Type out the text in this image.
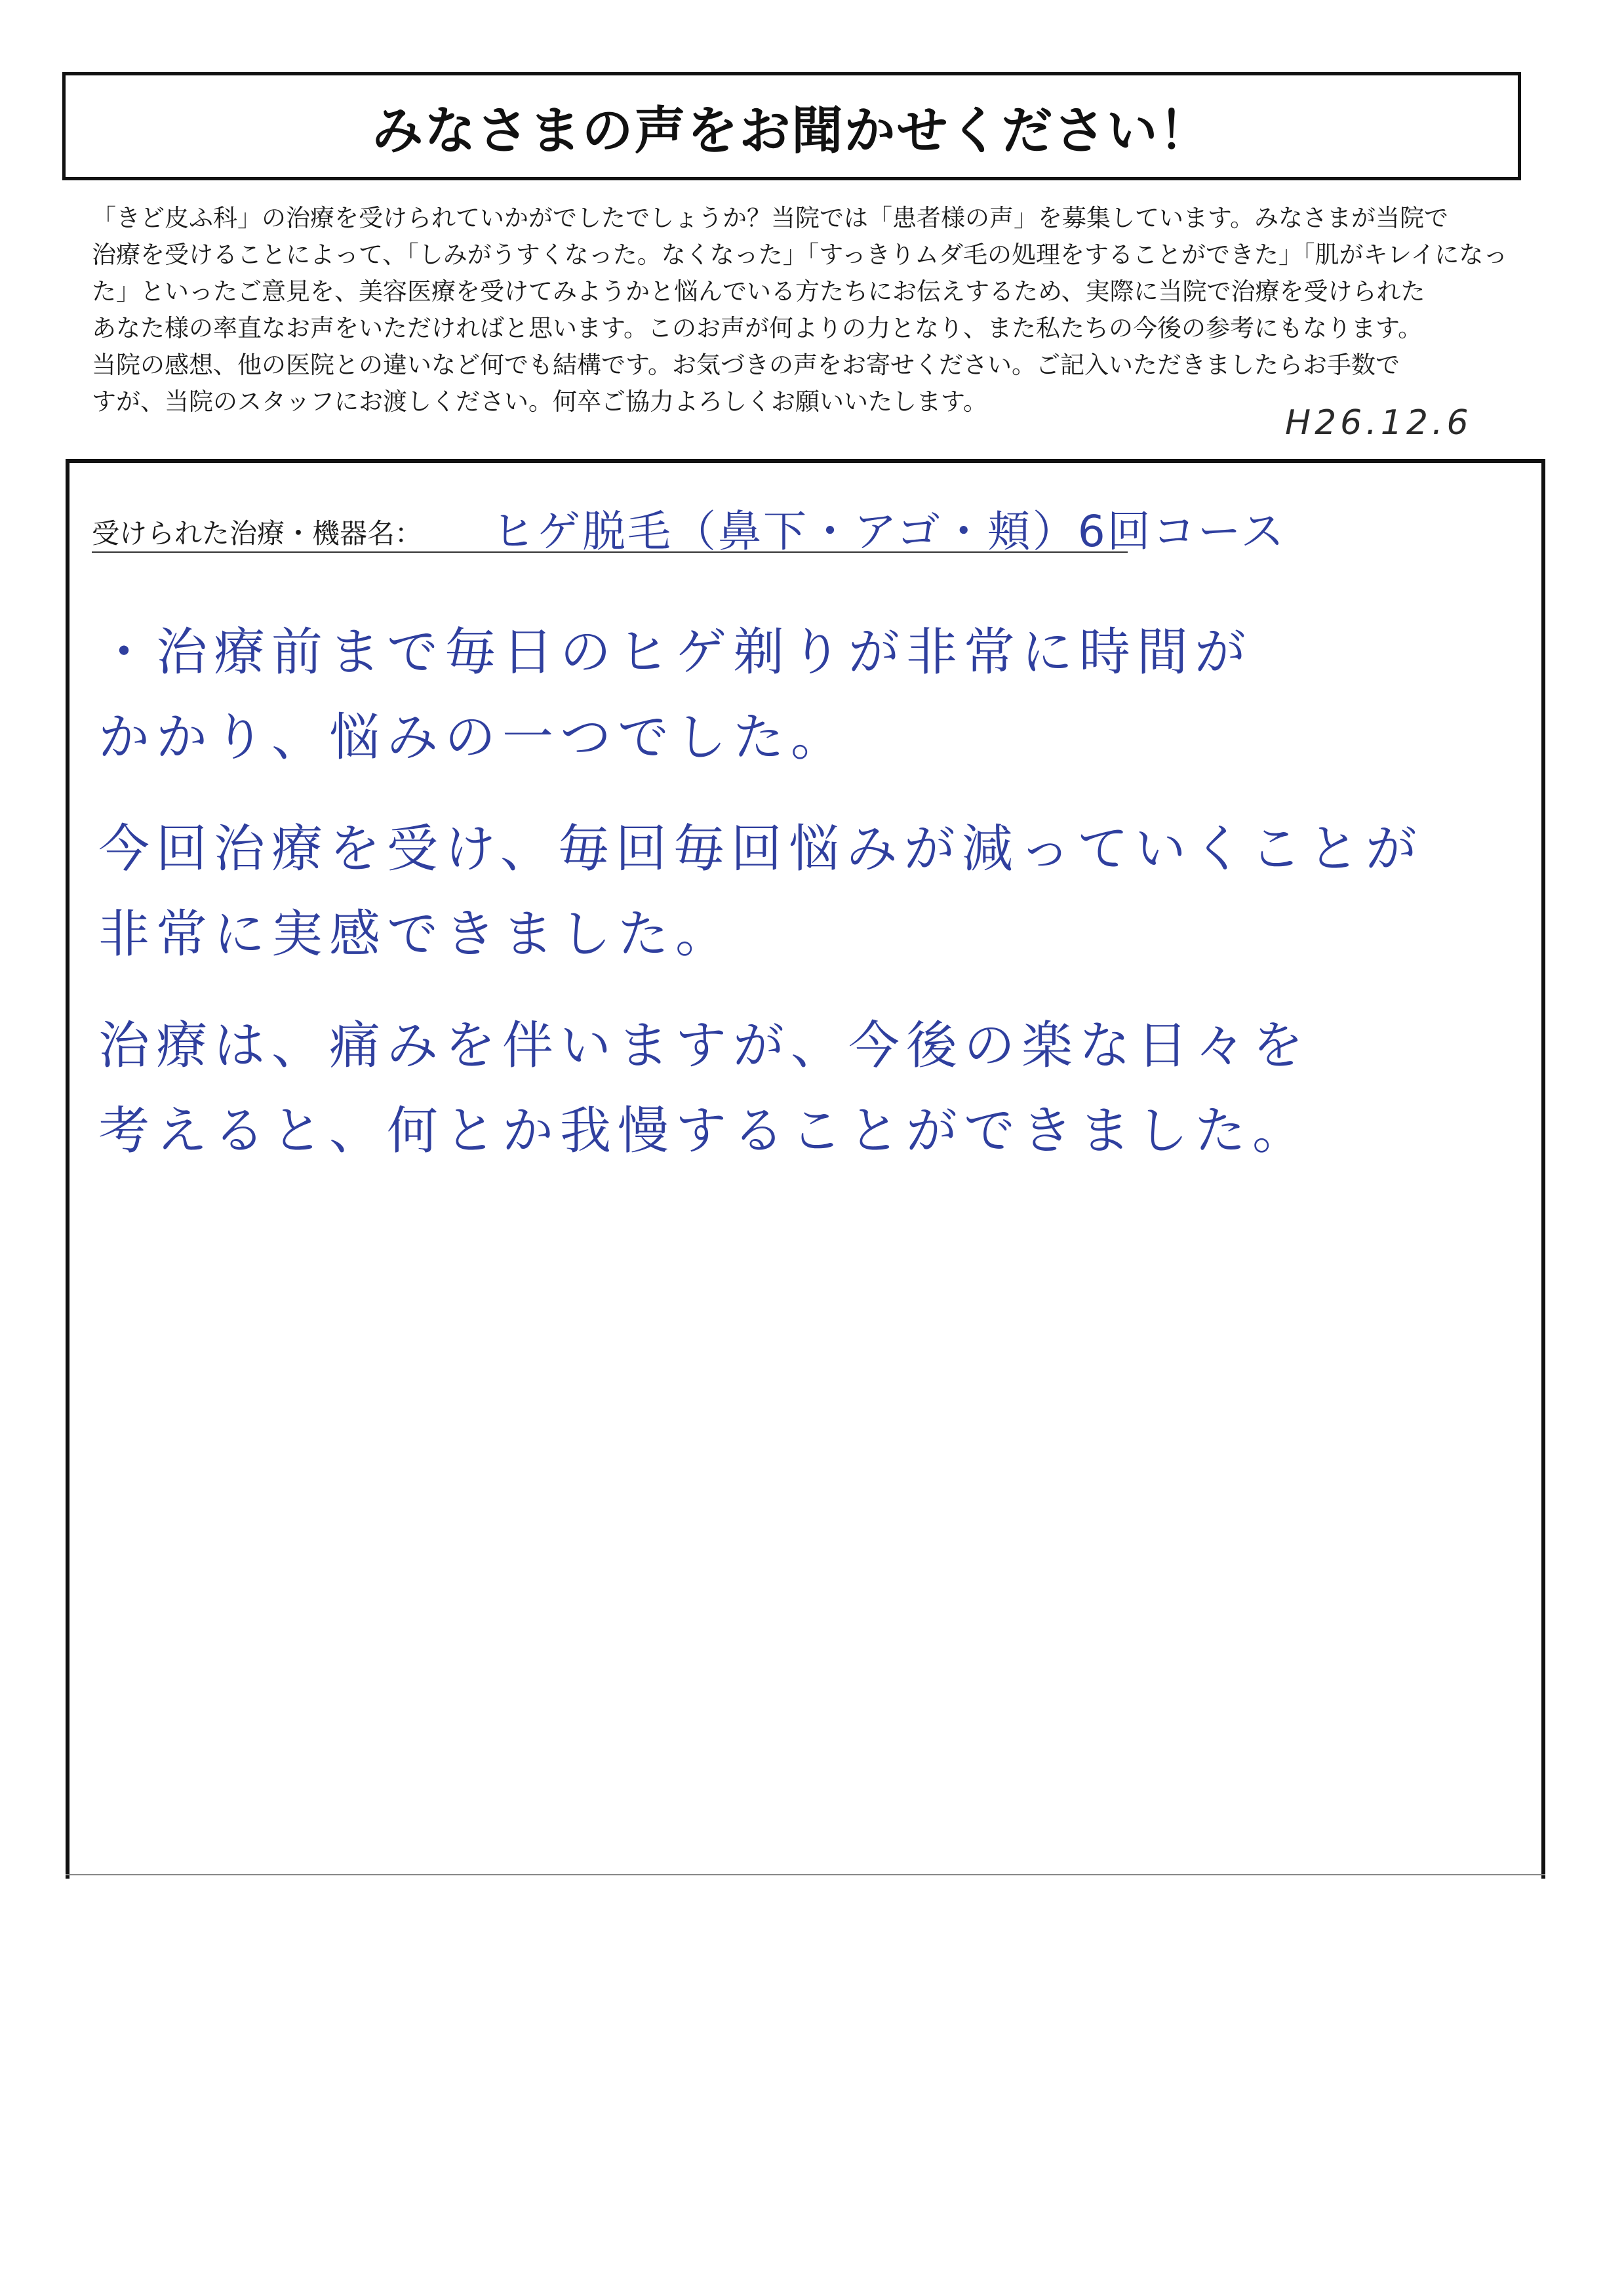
みなさまの声をお聞かせください！
「きど皮ふ科」の治療を受けられていかがでしたでしょうか？当院では「患者様の声」を募集しています。みなさまが当院で
治療を受けることによって、「しみがうすくなった。なくなった」「すっきりムダ毛の処理をすることができた」「肌がキレイになっ
た」といったご意見を、美容医療を受けてみようかと悩んでいる方たちにお伝えするため、実際に当院で治療を受けられた
あなた様の率直なお声をいただければと思います。このお声が何よりの力となり、また私たちの今後の参考にもなります。
当院の感想、他の医院との違いなど何でも結構です。お気づきの声をお寄せください。ご記入いただきましたらお手数で
すが、当院のスタッフにお渡しください。何卒ご協力よろしくお願いいたします。
H26.12.6
受けられた治療・機器名： ヒゲ脱毛（鼻下・アゴ・頬）6回コース
・治療前まで毎日のヒゲ剃りが非常に時間が
かかり、悩みの一つでした。
今回治療を受け、毎回毎回悩みが減っていくことが
非常に実感できました。
治療は、痛みを伴いますが、今後の楽な日々を
考えると、何とか我慢することができました。
